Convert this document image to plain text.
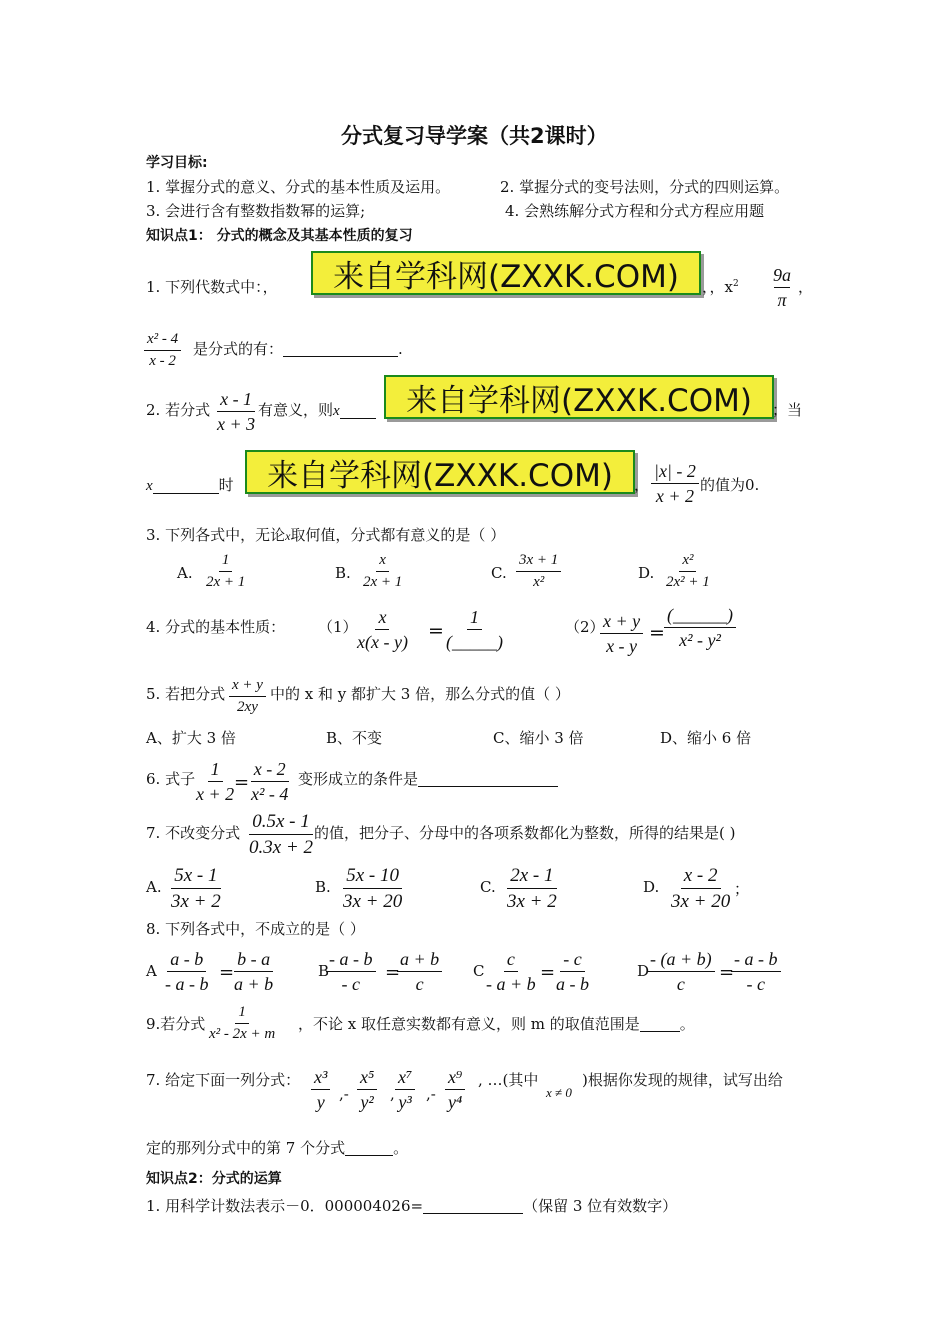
分式复习导学案（共2课时）
学习目标:
1. 掌握分式的意义、分式的基本性质及运用。	2. 掌握分式的变号法则，分式的四则运算。
3. 会进行含有整数指数幂的运算;	4. 会熟练解分式方程和分式方程应用题
知识点1： 分式的概念及其基本性质的复习
1. 下列代数式中：， 来自学科网(ZXXK.COM) ，，$x^2 \frac{9a}{\pi}$ ，
$\frac{\text{x² - 4}}{x - 2}$ 是分式的有：	.
2. 若分式 $\frac{x - 1}{x + 3}$ 有意义，则x	来自学科网(ZXXK.COM) ；当
x	时 来自学科网(ZXXK.COM) ， $\frac{|x| - 2}{x + 2}$ 的值为0.
3. 下列各式中，无论x取何值，分式都有意义的是（ ）
A. $\frac{1}{2x + 1}$	B. $\frac{x}{2x + 1}$	C. $\frac{3x + 1}{\text{x²}}$	D. $\frac{\text{x²}}{\text{2x² + 1}}$
4. 分式的基本性质： （1）
$\frac{x}{x(x - y)}$ =
1
(_____)
（2）
$\frac{x + y}{x - y}$ =
(______)
x² - y²
5. 若把分式 $\frac{x + y}{2xy}$ 中的 x 和 y 都扩大 3 倍，那么分式的值（ ）
A、扩大 3 倍	B、不变	C、缩小 3 倍	D、缩小 6 倍
6. 式子
$\frac{1}{x + 2}$
=
$\frac{x - 2}{\text{x² - 4}}$ 变形成立的条件是
7. 不改变分式 $\frac{0.5x - 1}{0.3x + 2}$
的值，把分子、分母中的各项系数都化为整数，所得的结果是( )
A. $\frac{5x - 1}{3x + 2}$	B. $\frac{5x - 10}{3x + 20}$	C. $\frac{2x - 1}{3x + 2}$	D. $\frac{x - 2}{3x + 20}$ ；
8. 下列各式中，不成立的是（ ）
A $\frac{a - b}{- a - b}$ =
$\frac{b - a}{a + b}$	B
$\frac{- a - b}{- c}$ =
$\frac{a + b}{c}$ C
$\frac{c}{- a + b}$ =
$\frac{- c}{a - b}$	D
$\frac{- (a + b)}{c}$ =
$\frac{- a - b}{- c}$
9.若分式 $\frac{1}{\text{x² - 2x + m}}$ ，不论 x 取任意实数都有意义，则 m 的取值范围是	。
7. 给定下面一列分式： $\frac{\text{x³}}{y}$ ,- $\frac{\text{x⁵}}{\text{y²}}$ , $\frac{\text{x⁷}}{\text{y³}}$ ,- $\frac{\text{x⁹}}{\text{y⁴}}$ , …(其中
x ≠ 0
)根据你发现的规律，试写出给
定的那列分式中的第 7 个分式	。
知识点2：分式的运算
1. 用科学计数法表示－0．000004026=	（保留 3 位有效数字）
